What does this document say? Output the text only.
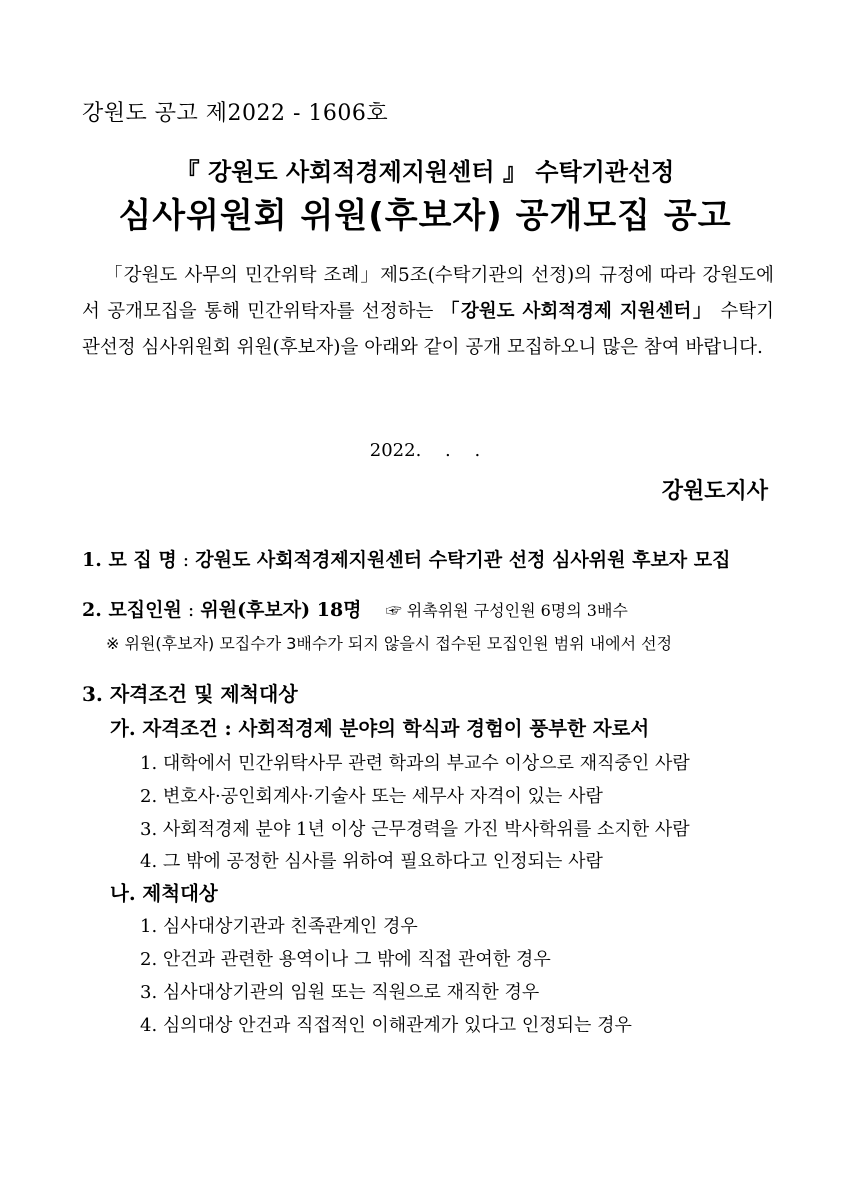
강원도 공고 제2022 - 1606호
『 강원도 사회적경제지원센터 』 수탁기관선정
심사위원회 위원(후보자) 공개모집 공고
「강원도 사무의 민간위탁 조례」제5조(수탁기관의 선정)의 규정에 따라 강원도에서 공개모집을 통해 민간위탁자를 선정하는 「강원도 사회적경제 지원센터」 수탁기관선정 심사위원회 위원(후보자)을 아래와 같이 공개 모집하오니 많은 참여 바랍니다.
2022.　 .　 .
강원도지사
1. 모 집 명 : 강원도 사회적경제지원센터 수탁기관 선정 심사위원 후보자 모집
2. 모집인원 : 위원(후보자) 18명 ☞ 위촉위원 구성인원 6명의 3배수
※ 위원(후보자) 모집수가 3배수가 되지 않을시 접수된 모집인원 범위 내에서 선정
3. 자격조건 및 제척대상
가. 자격조건 : 사회적경제 분야의 학식과 경험이 풍부한 자로서
1. 대학에서 민간위탁사무 관련 학과의 부교수 이상으로 재직중인 사람
2. 변호사·공인회계사·기술사 또는 세무사 자격이 있는 사람
3. 사회적경제 분야 1년 이상 근무경력을 가진 박사학위를 소지한 사람
4. 그 밖에 공정한 심사를 위하여 필요하다고 인정되는 사람
나. 제척대상
1. 심사대상기관과 친족관계인 경우
2. 안건과 관련한 용역이나 그 밖에 직접 관여한 경우
3. 심사대상기관의 임원 또는 직원으로 재직한 경우
4. 심의대상 안건과 직접적인 이해관계가 있다고 인정되는 경우
